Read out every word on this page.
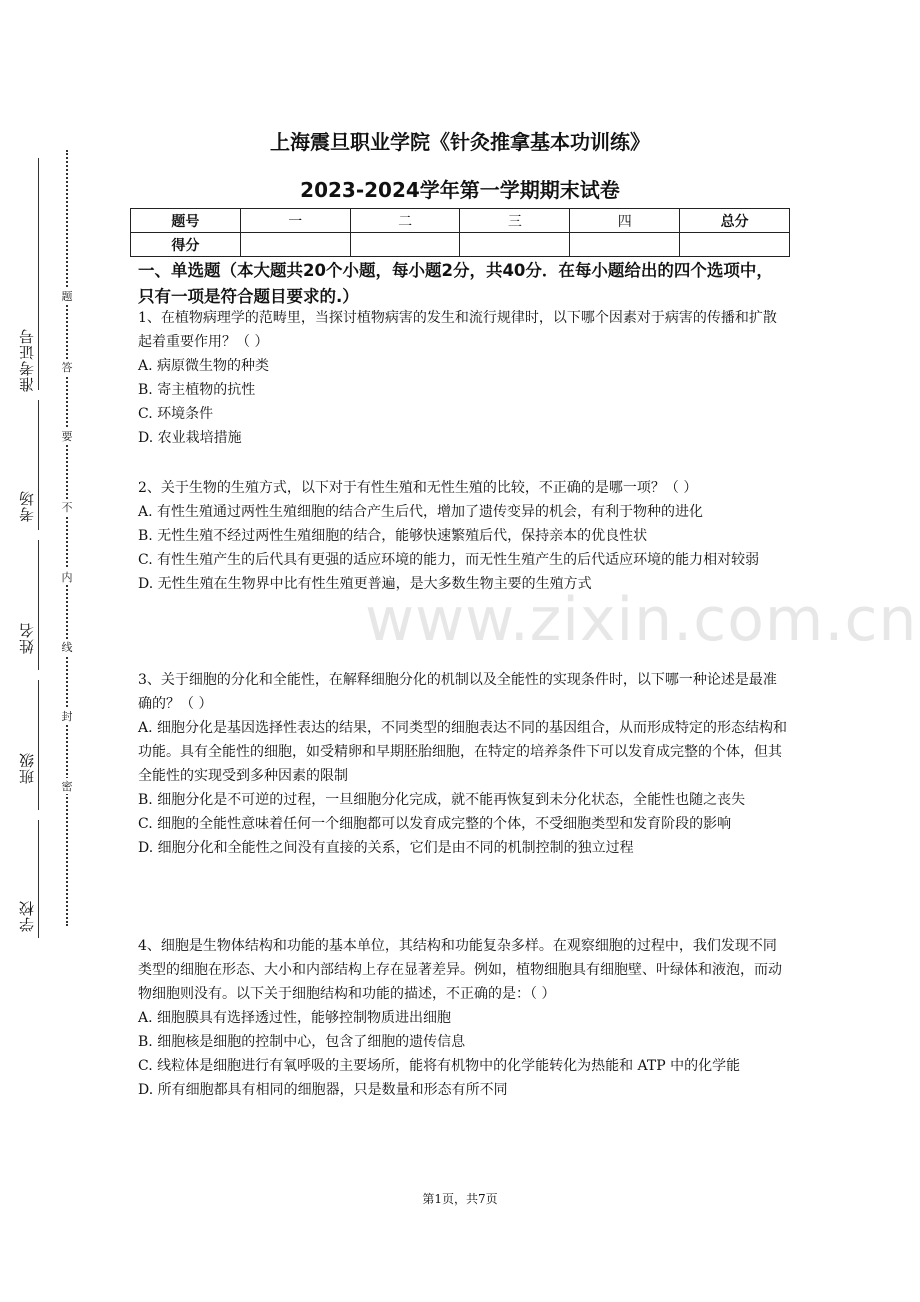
准考证号
考场
姓名
班级
学校
题
答
要
不
内
线
封
密
上海震旦职业学院《针灸推拿基本功训练》
2023-2024学年第一学期期末试卷
题号	一	二	三	四	总分
得分					
一、单选题（本大题共20个小题，每小题2分，共40分．在每小题给出的四个选项中，只有一项是符合题目要求的.）
www.zixin.com.cn

1、在植物病理学的范畴里，当探讨植物病害的发生和流行规律时，以下哪个因素对于病害的传播和扩散起着重要作用？（ ）

A. 病原微生物的种类

B. 寄主植物的抗性

C. 环境条件

D. 农业栽培措施

2、关于生物的生殖方式，以下对于有性生殖和无性生殖的比较，不正确的是哪一项？（ ）

A. 有性生殖通过两性生殖细胞的结合产生后代，增加了遗传变异的机会，有利于物种的进化

B. 无性生殖不经过两性生殖细胞的结合，能够快速繁殖后代，保持亲本的优良性状

C. 有性生殖产生的后代具有更强的适应环境的能力，而无性生殖产生的后代适应环境的能力相对较弱

D. 无性生殖在生物界中比有性生殖更普遍，是大多数生物主要的生殖方式

3、关于细胞的分化和全能性，在解释细胞分化的机制以及全能性的实现条件时，以下哪一种论述是最准确的？（ ）

A. 细胞分化是基因选择性表达的结果，不同类型的细胞表达不同的基因组合，从而形成特定的形态结构和功能。具有全能性的细胞，如受精卵和早期胚胎细胞，在特定的培养条件下可以发育成完整的个体，但其全能性的实现受到多种因素的限制

B. 细胞分化是不可逆的过程，一旦细胞分化完成，就不能再恢复到未分化状态，全能性也随之丧失

C. 细胞的全能性意味着任何一个细胞都可以发育成完整的个体，不受细胞类型和发育阶段的影响

D. 细胞分化和全能性之间没有直接的关系，它们是由不同的机制控制的独立过程

4、细胞是生物体结构和功能的基本单位，其结构和功能复杂多样。在观察细胞的过程中，我们发现不同类型的细胞在形态、大小和内部结构上存在显著差异。例如，植物细胞具有细胞壁、叶绿体和液泡，而动物细胞则没有。以下关于细胞结构和功能的描述，不正确的是：（ ）

A. 细胞膜具有选择透过性，能够控制物质进出细胞

B. 细胞核是细胞的控制中心，包含了细胞的遗传信息

C. 线粒体是细胞进行有氧呼吸的主要场所，能将有机物中的化学能转化为热能和 ATP 中的化学能

D. 所有细胞都具有相同的细胞器，只是数量和形态有所不同

第1页，共7页
